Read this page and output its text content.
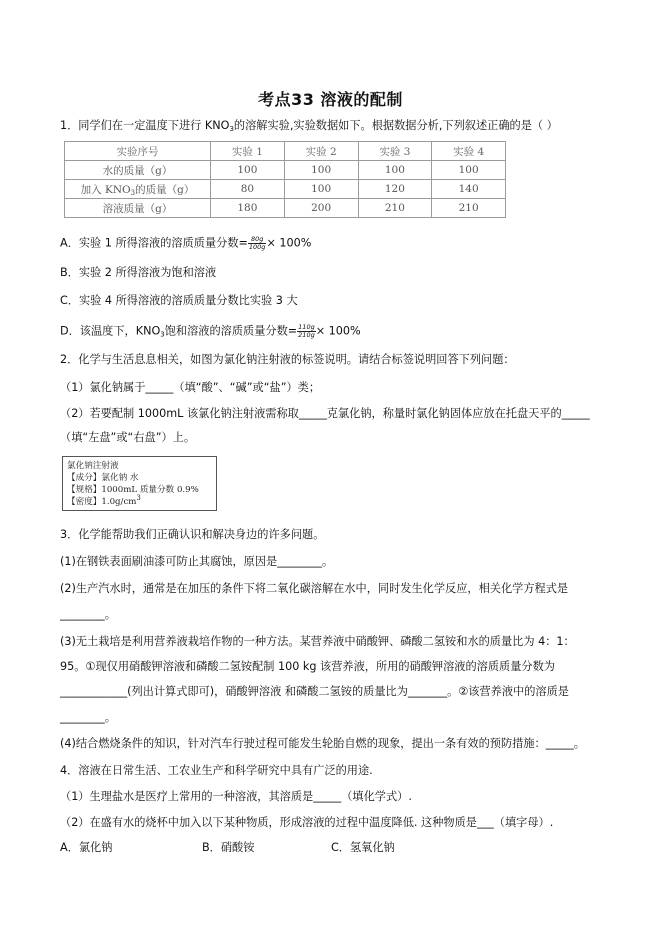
考点33 溶液的配制
1．同学们在一定温度下进行 $KNO_3$的溶解实验,实验数据如下。根据数据分析,下列叙述正确的是（ ）
实验序号	实验 1	实验 2	实验 3	实验 4
水的质量（g）	100	100	100	100
加入 $KNO_3$的质量（g）	80	100	120	140
溶液质量（g）	180	200	210	210
A．实验 1 所得溶液的溶质质量分数= $\frac{80g}{100g} \times 100\%$
B．实验 2 所得溶液为饱和溶液
C．实验 4 所得溶液的溶质质量分数比实验 3 大
D．该温度下，$KNO_3$饱和溶液的溶质质量分数= $\frac{110g}{210g} \times 100\%$
2．化学与生活息息相关，如图为氯化钠注射液的标签说明。请结合标签说明回答下列问题：
（1）氯化钠属于_____（填“酸”、“碱”或“盐”）类；
（2）若要配制 1000mL 该氯化钠注射液需称取_____克氯化钠，称量时氯化钠固体应放在托盘天平的_____
（填“左盘”或“右盘”）上。
氯化钠注射液
【成分】氯化钠 水
【规格】1000mL 质量分数 0.9%
【密度】$1.0g/cm^3$
3．化学能帮助我们正确认识和解决身边的许多问题。
(1)在钢铁表面刷油漆可防止其腐蚀，原因是________。
(2)生产汽水时，通常是在加压的条件下将二氧化碳溶解在水中，同时发生化学反应，相关化学方程式是
________。
(3)无土栽培是利用营养液栽培作物的一种方法。某营养液中硝酸钾、磷酸二氢铵和水的质量比为 4：1：
95。①现仅用硝酸钾溶液和磷酸二氢铵配制 100 kg 该营养液，所用的硝酸钾溶液的溶质质量分数为
____________(列出计算式即可)，硝酸钾溶液 和磷酸二氢铵的质量比为_______。②该营养液中的溶质是
________。
(4)结合燃烧条件的知识，针对汽车行驶过程可能发生轮胎自燃的现象，提出一条有效的预防措施：_____。
4．溶液在日常生活、工农业生产和科学研究中具有广泛的用途.
（1）生理盐水是医疗上常用的一种溶液，其溶质是_____（填化学式）.
（2）在盛有水的烧杯中加入以下某种物质，形成溶液的过程中温度降低. 这种物质是___（填字母）.
A．氯化钠	B．硝酸铵	C．氢氧化钠
